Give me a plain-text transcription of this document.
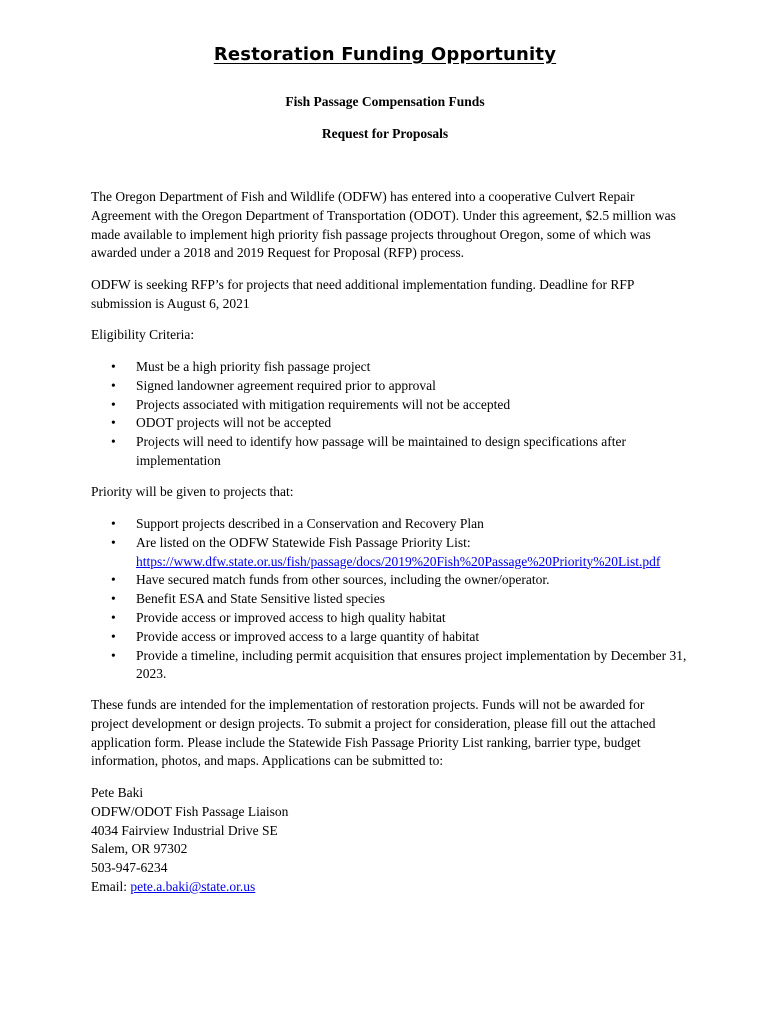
Restoration Funding Opportunity
Fish Passage Compensation Funds
Request for Proposals

The Oregon Department of Fish and Wildlife (ODFW) has entered into a cooperative Culvert Repair Agreement with the Oregon Department of Transportation (ODOT). Under this agreement, $2.5 million was made available to implement high priority fish passage projects throughout Oregon, some of which was awarded under a 2018 and 2019 Request for Proposal (RFP) process.

ODFW is seeking RFP’s for projects that need additional implementation funding. Deadline for RFP submission is August 6, 2021

Eligibility Criteria:

• Must be a high priority fish passage project
• Signed landowner agreement required prior to approval
• Projects associated with mitigation requirements will not be accepted
• ODOT projects will not be accepted
• Projects will need to identify how passage will be maintained to design specifications after implementation

Priority will be given to projects that:

• Support projects described in a Conservation and Recovery Plan
• Are listed on the ODFW Statewide Fish Passage Priority List:
https://www.dfw.state.or.us/fish/passage/docs/2019%20Fish%20Passage%20Priority%20List.pdf
• Have secured match funds from other sources, including the owner/operator.
• Benefit ESA and State Sensitive listed species
• Provide access or improved access to high quality habitat
• Provide access or improved access to a large quantity of habitat
• Provide a timeline, including permit acquisition that ensures project implementation by December 31, 2023.

These funds are intended for the implementation of restoration projects. Funds will not be awarded for project development or design projects. To submit a project for consideration, please fill out the attached application form. Please include the Statewide Fish Passage Priority List ranking, barrier type, budget information, photos, and maps. Applications can be submitted to:

Pete Baki
ODFW/ODOT Fish Passage Liaison
4034 Fairview Industrial Drive SE
Salem, OR 97302
503-947-6234
Email: pete.a.baki@state.or.us
